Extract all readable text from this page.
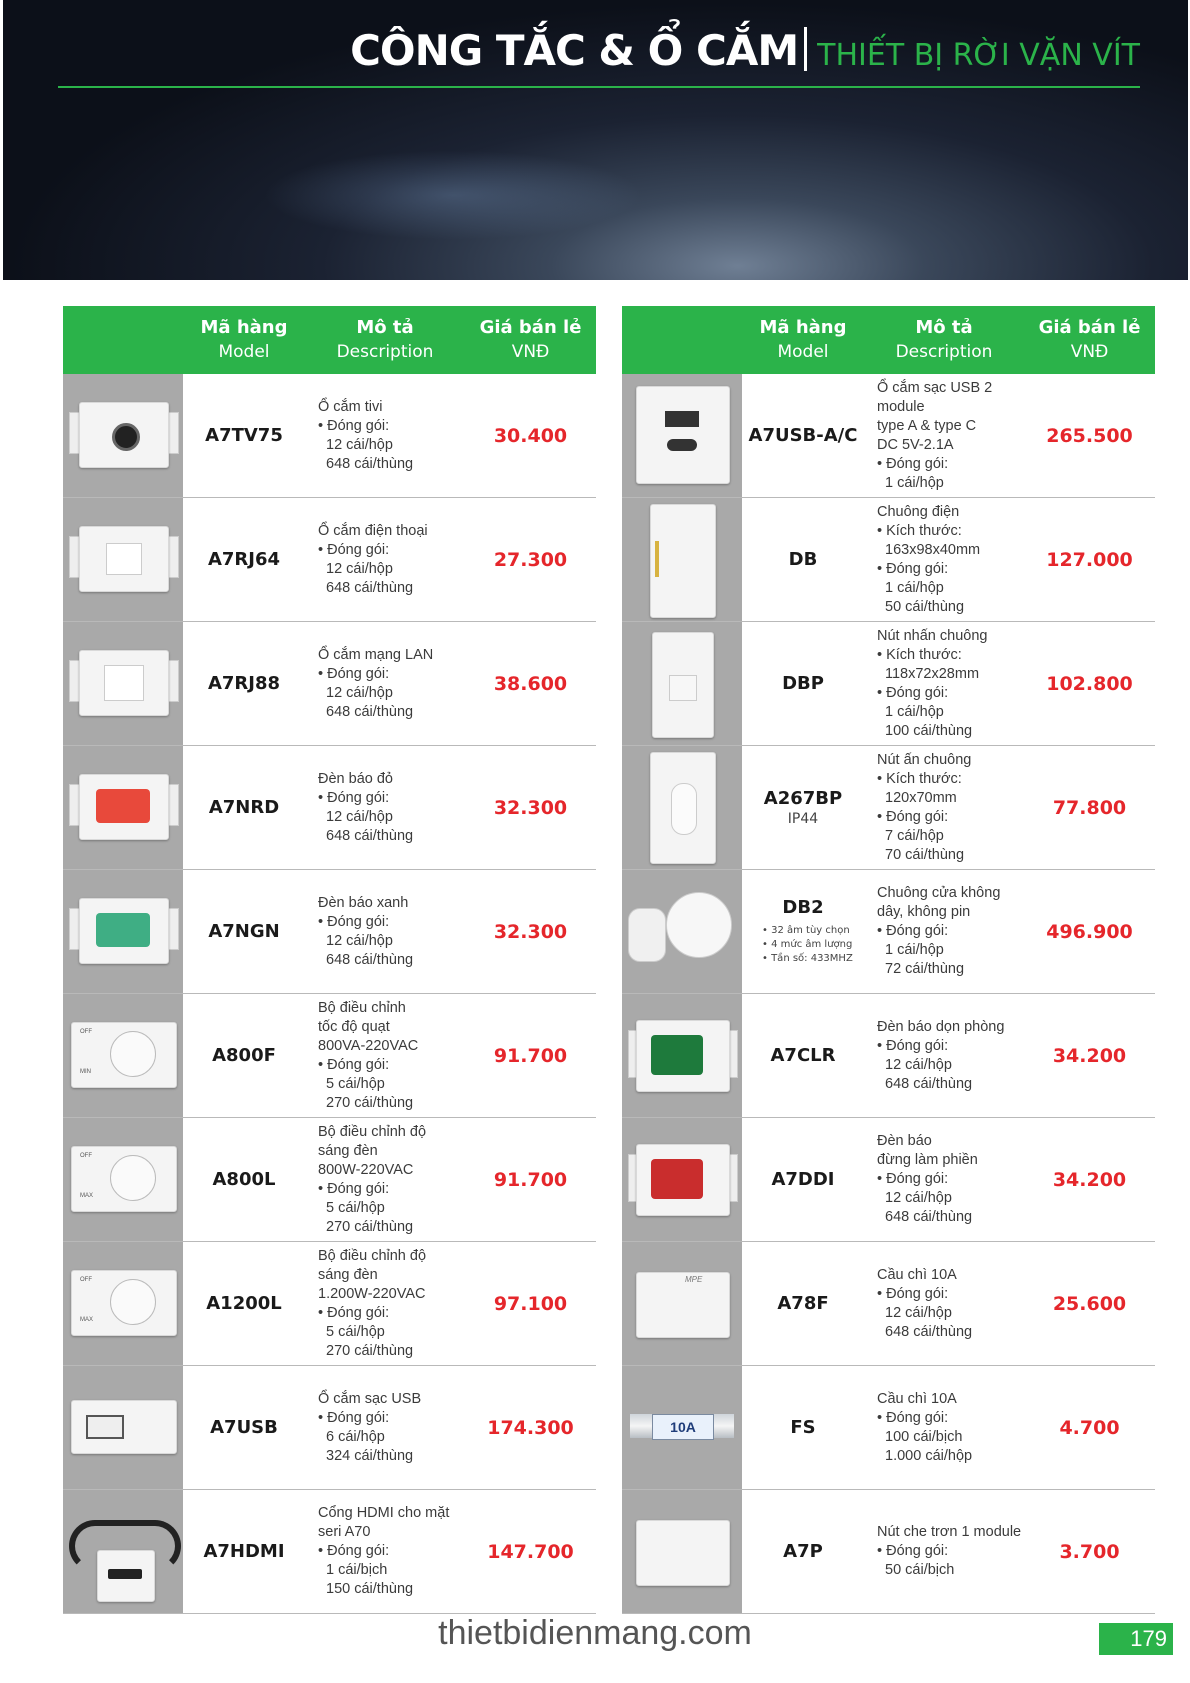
CÔNG TẮC & Ổ CẮM THIẾT BỊ RỜI VẶN VÍT
Mã hàng
Model
Mô tả
Description
Giá bán lẻ
VNĐ
A7TV75
Ổ cắm tivi
• Đóng gói:
12 cái/hộp
648 cái/thùng
30.400
A7RJ64
Ổ cắm điện thoại
• Đóng gói:
12 cái/hộp
648 cái/thùng
27.300
A7RJ88
Ổ cắm mạng LAN
• Đóng gói:
12 cái/hộp
648 cái/thùng
38.600
A7NRD
Đèn báo đỏ
• Đóng gói:
12 cái/hộp
648 cái/thùng
32.300
A7NGN
Đèn báo xanh
• Đóng gói:
12 cái/hộp
648 cái/thùng
32.300
OFF
MIN
A800F
Bộ điều chỉnh
tốc độ quạt
800VA-220VAC
• Đóng gói:
5 cái/hộp
270 cái/thùng
91.700
OFF
MAX
A800L
Bộ điều chỉnh độ
sáng đèn
800W-220VAC
• Đóng gói:
5 cái/hộp
270 cái/thùng
91.700
OFF
MAX
A1200L
Bộ điều chỉnh độ
sáng đèn
1.200W-220VAC
• Đóng gói:
5 cái/hộp
270 cái/thùng
97.100
A7USB
Ổ cắm sạc USB
• Đóng gói:
6 cái/hộp
324 cái/thùng
174.300
A7HDMI
Cổng HDMI cho mặt
seri A70
• Đóng gói:
1 cái/bịch
150 cái/thùng
147.700
Mã hàng
Model
Mô tả
Description
Giá bán lẻ
VNĐ
A7USB-A/C
Ổ cắm sạc USB 2
module
type A & type C
DC 5V-2.1A
• Đóng gói:
1 cái/hộp
265.500
DB
Chuông điện
• Kích thước:
163x98x40mm
• Đóng gói:
1 cái/hộp
50 cái/thùng
127.000
DBP
Nút nhấn chuông
• Kích thước:
118x72x28mm
• Đóng gói:
1 cái/hộp
100 cái/thùng
102.800
A267BP
IP44
Nút ấn chuông
• Kích thước:
120x70mm
• Đóng gói:
7 cái/hộp
70 cái/thùng
77.800
DB2
• 32 âm tùy chọn
• 4 mức âm lượng
• Tần số: 433MHZ
Chuông cửa không
dây, không pin
• Đóng gói:
1 cái/hộp
72 cái/thùng
496.900
A7CLR
Đèn báo dọn phòng
• Đóng gói:
12 cái/hộp
648 cái/thùng
34.200
A7DDI
Đèn báo
đừng làm phiền
• Đóng gói:
12 cái/hộp
648 cái/thùng
34.200
MPE
A78F
Cầu chì 10A
• Đóng gói:
12 cái/hộp
648 cái/thùng
25.600
10A	FS
Cầu chì 10A
• Đóng gói:
100 cái/bịch
1.000 cái/hộp
4.700
A7P
Nút che trơn 1 module
• Đóng gói:
50 cái/bịch
3.700
thietbidienmang.com	179
